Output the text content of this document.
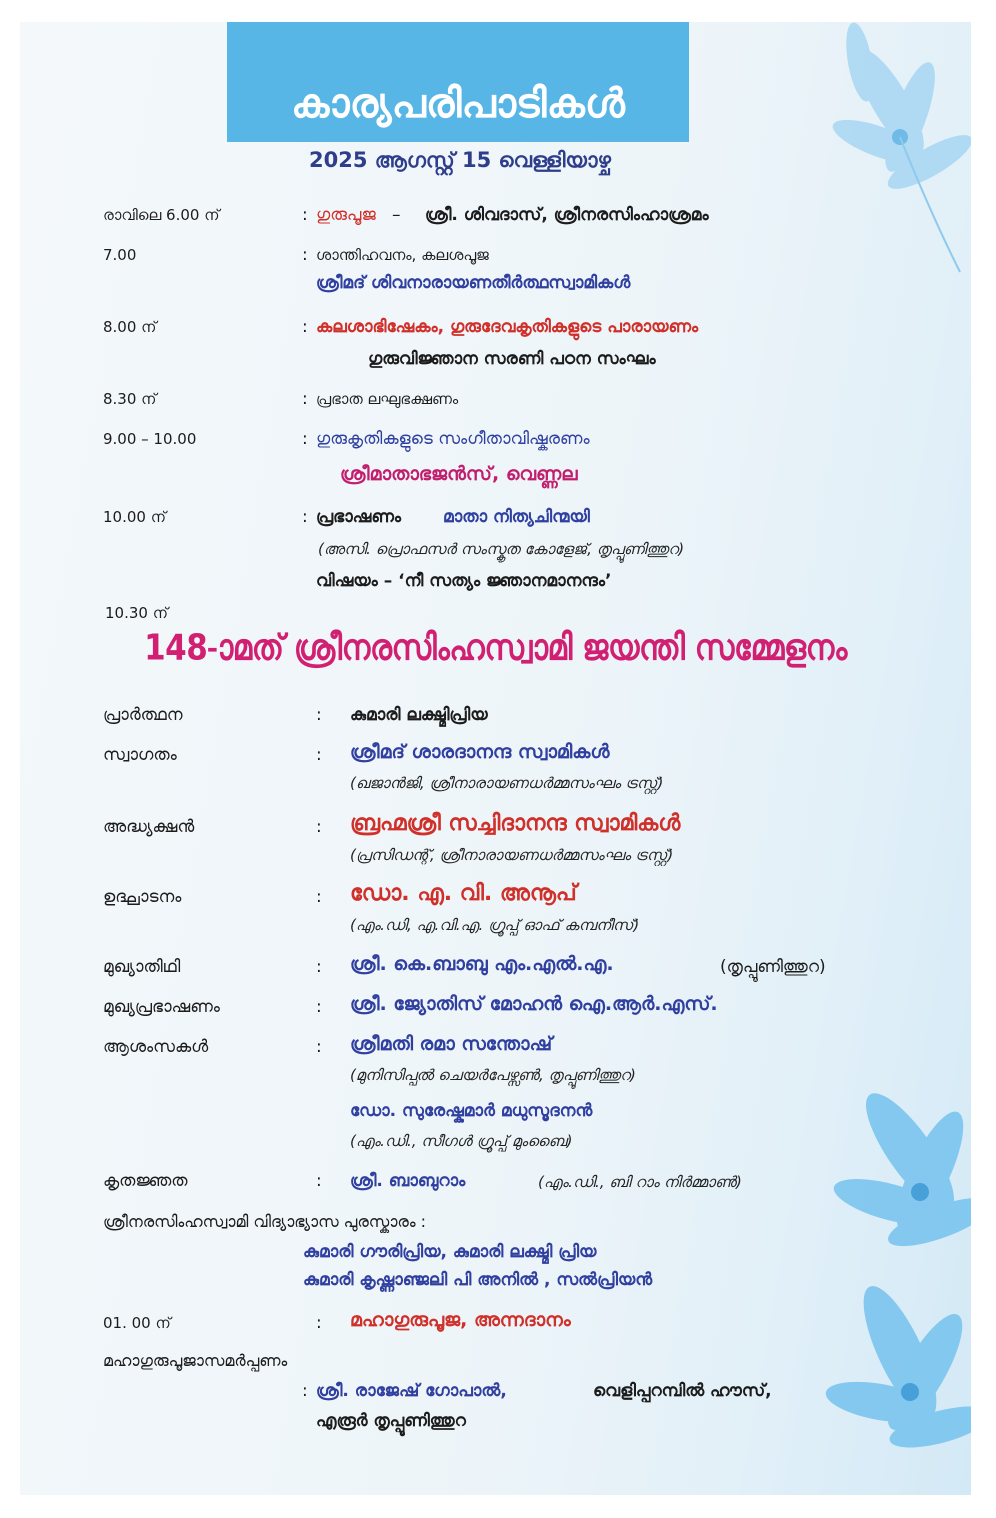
കാര്യപരിപാടികൾ
2025 ആഗസ്റ്റ് 15 വെള്ളിയാഴ്ച
രാവിലെ 6.00 ന്	: ഗുരുപൂജ – ശ്രീ. ശിവദാസ്, ശ്രീനരസിംഹാശ്രമം
7.00	: ശാന്തിഹവനം, കലശപൂജ
ശ്രീമദ് ശിവനാരായണതീർത്ഥസ്വാമികൾ
8.00 ന്	: കലശാഭിഷേകം, ഗുരുദേവകൃതികളുടെ പാരായണം
ഗുരുവിജ്ഞാന സരണി പഠന സംഘം
8.30 ന്	: പ്രഭാത ലഘുഭക്ഷണം
9.00 – 10.00	: ഗുരുകൃതികളുടെ സംഗീതാവിഷ്കരണം
ശ്രീമാതാഭജൻസ്, വെണ്ണല
10.00 ന്	: പ്രഭാഷണം മാതാ നിത്യചിന്മയി
(അസി. പ്രൊഫസർ സംസ്കൃത കോളേജ്, തൃപ്പൂണിത്തുറ)
വിഷയം – ‘നീ സത്യം ജ്ഞാനമാനന്ദം’
10.30 ന്
148-ാമത് ശ്രീനരസിംഹസ്വാമി ജയന്തി സമ്മേളനം
പ്രാർത്ഥന	: കുമാരി ലക്ഷ്മിപ്രിയ
സ്വാഗതം	: ശ്രീമദ് ശാരദാനന്ദ സ്വാമികൾ
(ഖജാൻജി, ശ്രീനാരായണധർമ്മസംഘം ട്രസ്റ്റ്)
അദ്ധ്യക്ഷൻ	: ബ്രഹ്മശ്രീ സച്ചിദാനന്ദ സ്വാമികൾ
(പ്രസിഡന്റ്, ശ്രീനാരായണധർമ്മസംഘം ട്രസ്റ്റ്)
ഉദ്ഘാടനം	: ഡോ. എ. വി. അനൂപ്
(എം.ഡി, എ.വി.എ. ഗ്രൂപ്പ് ഓഫ് കമ്പനീസ്)
മുഖ്യാതിഥി	: ശ്രീ. കെ.ബാബു എം.എൽ.എ.	(തൃപ്പൂണിത്തുറ)
മുഖ്യപ്രഭാഷണം	: ശ്രീ. ജ്യോതിസ് മോഹൻ ഐ.ആർ.എസ്.
ആശംസകൾ	: ശ്രീമതി രമാ സന്തോഷ്
(മുനിസിപ്പൽ ചെയർപേഴ്സൺ, തൃപ്പൂണിത്തുറ)
ഡോ. സുരേഷ്കുമാർ മധുസൂദനൻ
(എം.ഡി., സീഗൾ ഗ്രൂപ്പ് മുംബൈ)
കൃതജ്ഞത	: ശ്രീ. ബാബുറാം	(എം.ഡി., ബി റാം നിർമ്മാൺ)
ശ്രീനരസിംഹസ്വാമി വിദ്യാഭ്യാസ പുരസ്കാരം :
കുമാരി ഗൗരിപ്രിയ, കുമാരി ലക്ഷ്മി പ്രിയ
കുമാരി കൃഷ്ണാഞ്ജലി പി അനിൽ , സൽപ്രിയൻ
01. 00 ന്	: മഹാഗുരുപൂജ, അന്നദാനം
മഹാഗുരുപൂജാസമർപ്പണം
: ശ്രീ. രാജേഷ് ഗോപാൽ,	വെളിപ്പറമ്പിൽ ഹൗസ്,
എരൂർ തൃപ്പൂണിത്തുറ
